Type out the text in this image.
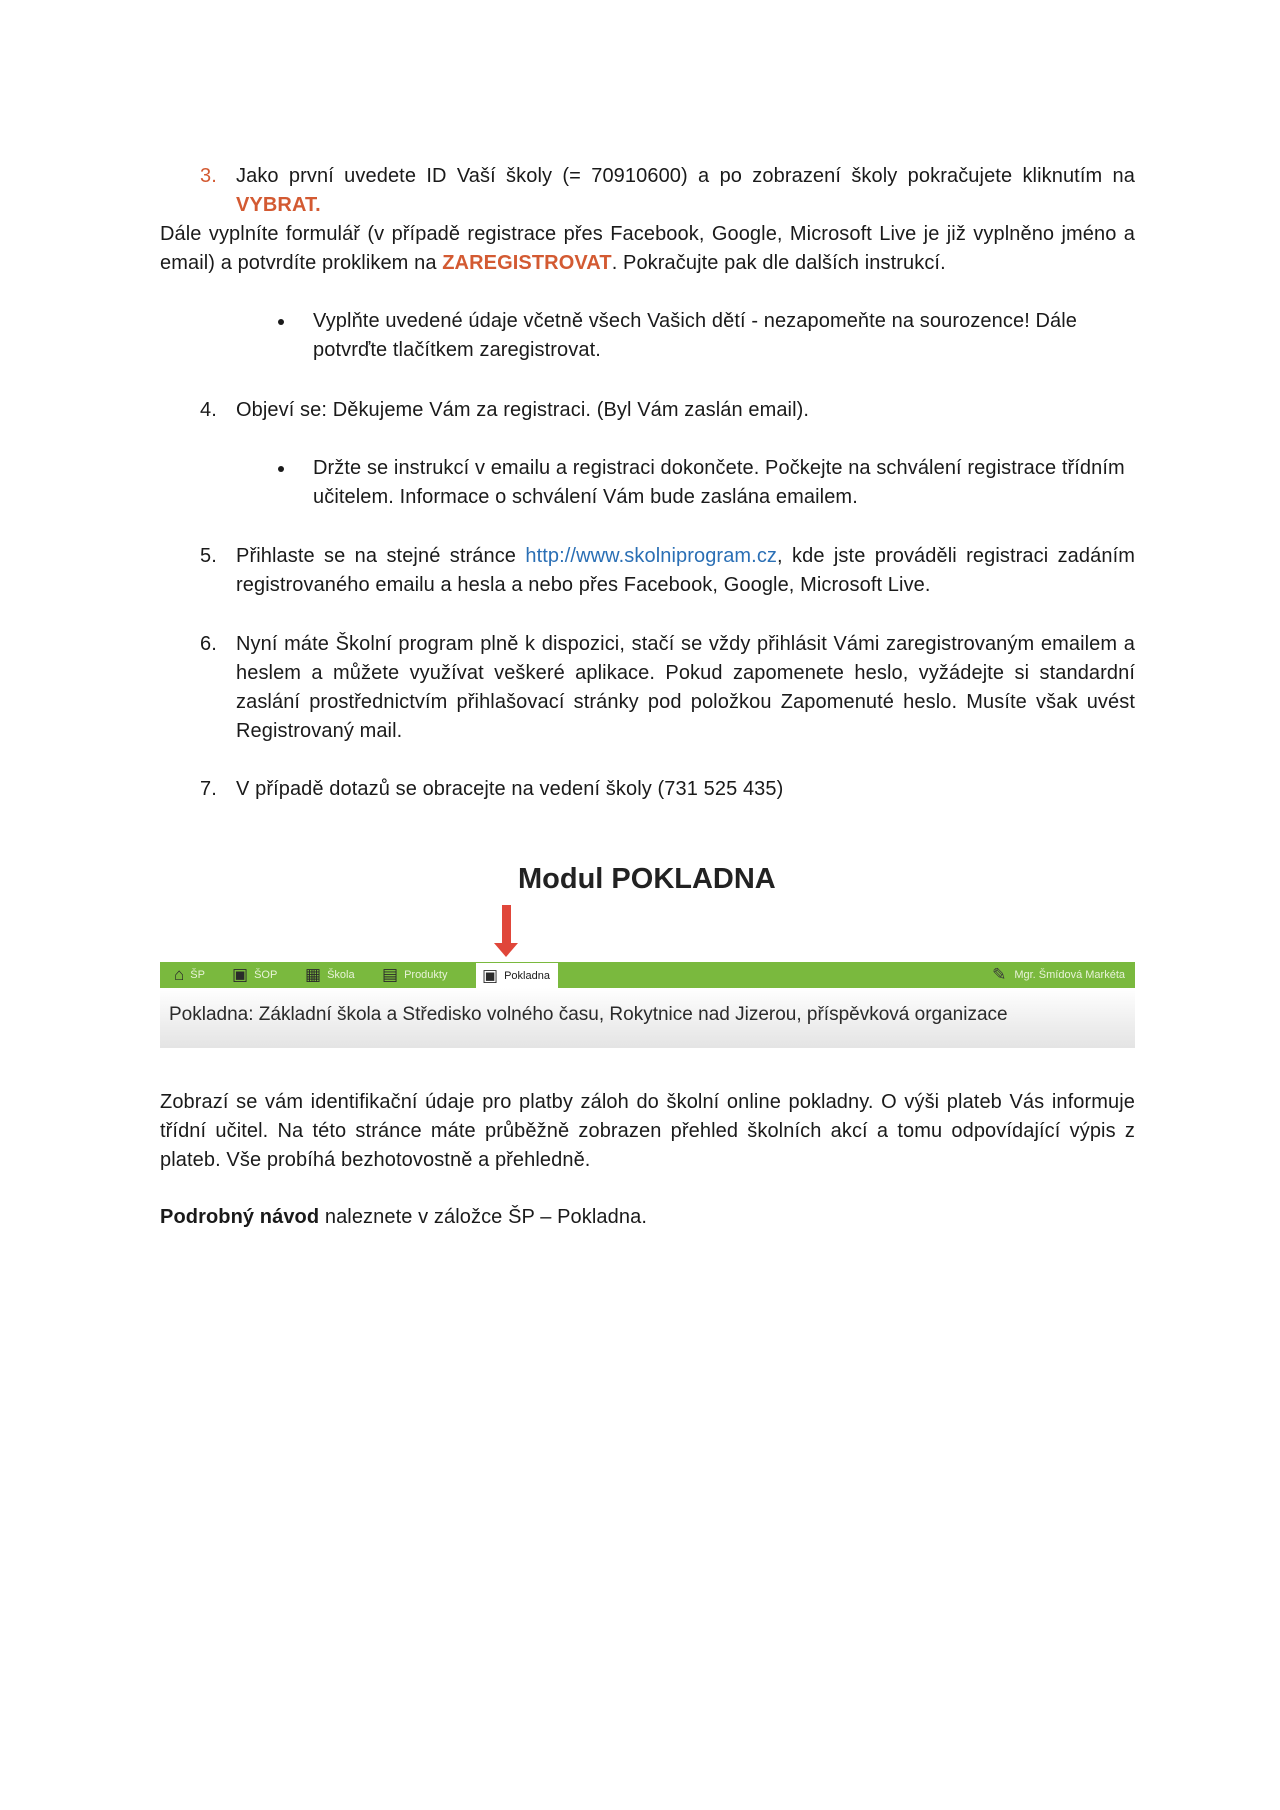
3. Jako první uvedete ID Vaší školy (= 70910600) a po zobrazení školy pokračujete kliknutím na VYBRAT.
Dále vyplníte formulář (v případě registrace přes Facebook, Google, Microsoft Live je již vyplněno jméno a email) a potvrdíte proklikem na ZAREGISTROVAT. Pokračujte pak dle dalších instrukcí.
Vyplňte uvedené údaje včetně všech Vašich dětí - nezapomeňte na sourozence! Dále potvrďte tlačítkem zaregistrovat.
4. Objeví se: Děkujeme Vám za registraci. (Byl Vám zaslán email).
Držte se instrukcí v emailu a registraci dokončete. Počkejte na schválení registrace třídním učitelem. Informace o schválení Vám bude zaslána emailem.
5. Přihlaste se na stejné stránce http://www.skolniprogram.cz, kde jste prováděli registraci zadáním registrovaného emailu a hesla a nebo přes Facebook, Google, Microsoft Live.
6. Nyní máte Školní program plně k dispozici, stačí se vždy přihlásit Vámi zaregistrovaným emailem a heslem a můžete využívat veškeré aplikace. Pokud zapomenete heslo, vyžádejte si standardní zaslání prostřednictvím přihlašovací stránky pod položkou Zapomenuté heslo. Musíte však uvést Registrovaný mail.
7. V případě dotazů se obracejte na vedení školy (731 525 435)
Modul POKLADNA
⌂ ŠP ▣ ŠOP ▦ Škola ▤ Produkty ▣ Pokladna	✎ Mgr. Šmídová Markéta
Pokladna: Základní škola a Středisko volného času, Rokytnice nad Jizerou, příspěvková organizace
Zobrazí se vám identifikační údaje pro platby záloh do školní online pokladny. O výši plateb Vás informuje třídní učitel. Na této stránce máte průběžně zobrazen přehled školních akcí a tomu odpovídající výpis z plateb. Vše probíhá bezhotovostně a přehledně.
Podrobný návod naleznete v záložce ŠP – Pokladna.
